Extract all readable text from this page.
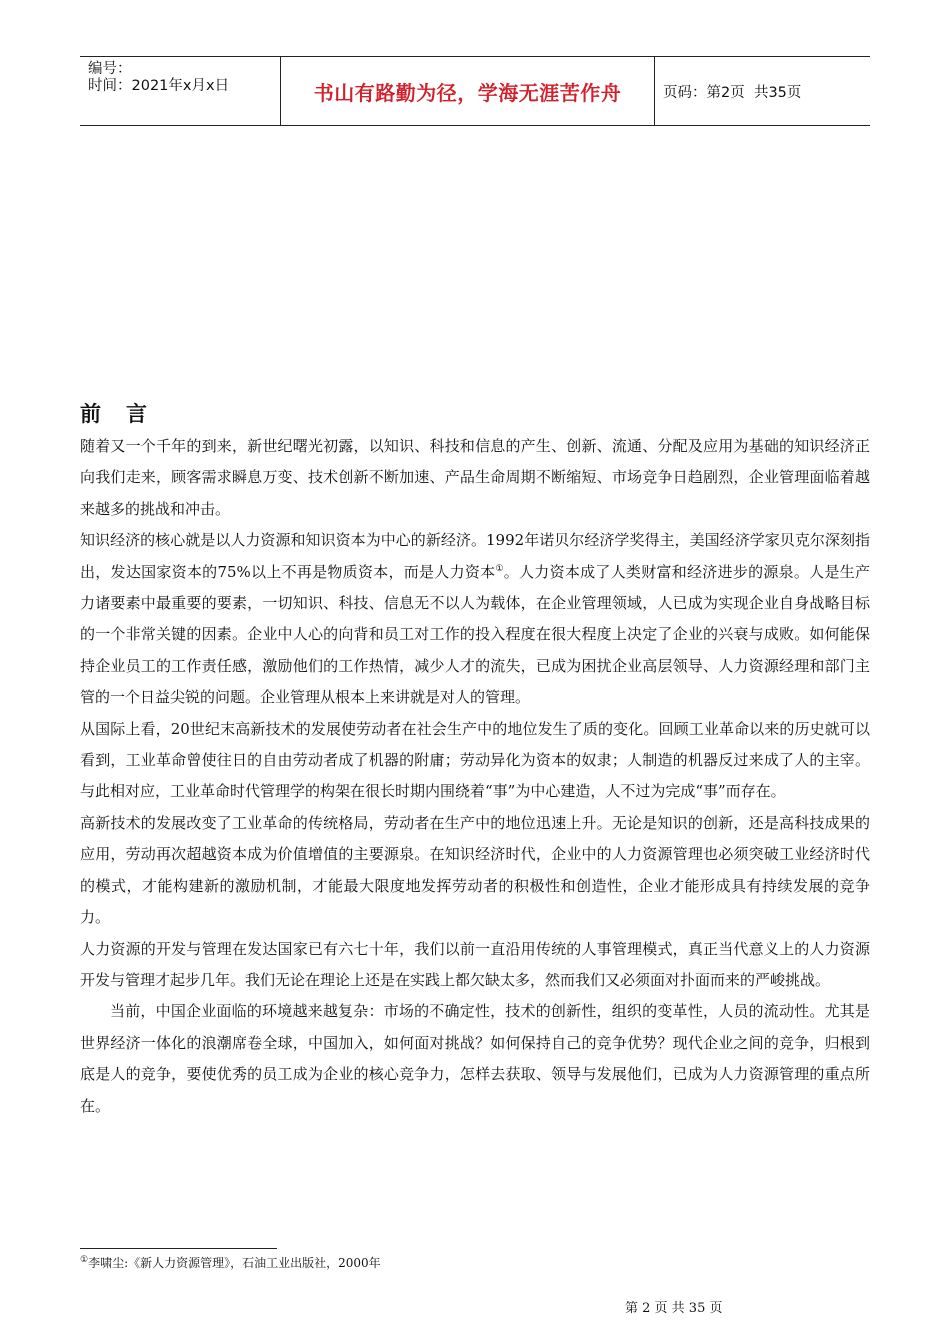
编号：
时间：2021年x月x日	书山有路勤为径，学海无涯苦作舟	页码：第2页  共35页
前　言

随着又一个千年的到来，新世纪曙光初露，以知识、科技和信息的产生、创新、流通、分配及应用为基础的知识经济正向我们走来，顾客需求瞬息万变、技术创新不断加速、产品生命周期不断缩短、市场竞争日趋剧烈，企业管理面临着越来越多的挑战和冲击。

知识经济的核心就是以人力资源和知识资本为中心的新经济。1992年诺贝尔经济学奖得主，美国经济学家贝克尔深刻指出，发达国家资本的75%以上不再是物质资本，而是人力资本①。人力资本成了人类财富和经济进步的源泉。人是生产力诸要素中最重要的要素，一切知识、科技、信息无不以人为载体，在企业管理领域，人已成为实现企业自身战略目标的一个非常关键的因素。企业中人心的向背和员工对工作的投入程度在很大程度上决定了企业的兴衰与成败。如何能保持企业员工的工作责任感，激励他们的工作热情，减少人才的流失，已成为困扰企业高层领导、人力资源经理和部门主管的一个日益尖锐的问题。企业管理从根本上来讲就是对人的管理。

从国际上看，20世纪末高新技术的发展使劳动者在社会生产中的地位发生了质的变化。回顾工业革命以来的历史就可以看到，工业革命曾使往日的自由劳动者成了机器的附庸；劳动异化为资本的奴隶；人制造的机器反过来成了人的主宰。与此相对应，工业革命时代管理学的构架在很长时期内围绕着“事”为中心建造，人不过为完成“事”而存在。

高新技术的发展改变了工业革命的传统格局，劳动者在生产中的地位迅速上升。无论是知识的创新，还是高科技成果的应用，劳动再次超越资本成为价值增值的主要源泉。在知识经济时代，企业中的人力资源管理也必须突破工业经济时代的模式，才能构建新的激励机制，才能最大限度地发挥劳动者的积极性和创造性，企业才能形成具有持续发展的竞争力。

人力资源的开发与管理在发达国家已有六七十年，我们以前一直沿用传统的人事管理模式，真正当代意义上的人力资源开发与管理才起步几年。我们无论在理论上还是在实践上都欠缺太多，然而我们又必须面对扑面而来的严峻挑战。

当前，中国企业面临的环境越来越复杂：市场的不确定性，技术的创新性，组织的变革性，人员的流动性。尤其是世界经济一体化的浪潮席卷全球，中国加入，如何面对挑战？如何保持自己的竞争优势？现代企业之间的竞争，归根到底是人的竞争，要使优秀的员工成为企业的核心竞争力，怎样去获取、领导与发展他们，已成为人力资源管理的重点所在。

①李啸尘:《新人力资源管理》，石油工业出版社，2000年
第 2 页 共 35 页
